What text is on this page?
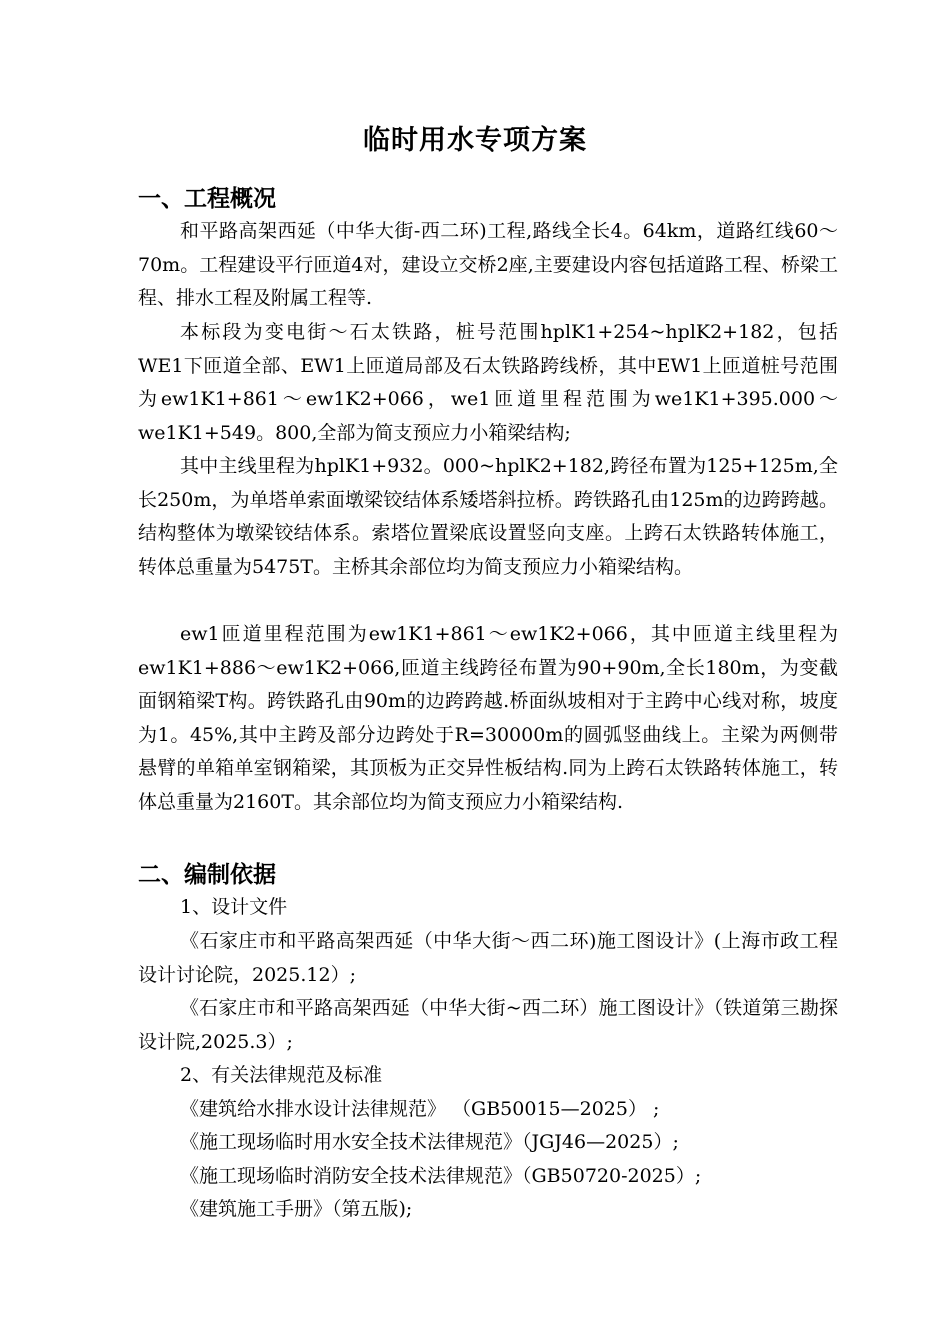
临时用水专项方案
一、工程概况
和平路高架西延（中华大街-西二环)工程,路线全长4。64km，道路红线60～70m。工程建设平行匝道4对，建设立交桥2座,主要建设内容包括道路工程、桥梁工程、排水工程及附属工程等.
本标段为变电街～石太铁路，桩号范围hplK1+254~hplK2+182，包括WE1下匝道全部、EW1上匝道局部及石太铁路跨线桥，其中EW1上匝道桩号范围为ew1K1+861～ew1K2+066，we1匝道里程范围为we1K1+395.000～ we1K1+549。800,全部为简支预应力小箱梁结构;
其中主线里程为hplK1+932。000~hplK2+182,跨径布置为125+125m,全长250m，为单塔单索面墩梁铰结体系矮塔斜拉桥。跨铁路孔由125m的边跨跨越。结构整体为墩梁铰结体系。索塔位置梁底设置竖向支座。上跨石太铁路转体施工，转体总重量为5475T。主桥其余部位均为简支预应力小箱梁结构。
ew1匝道里程范围为ew1K1+861～ew1K2+066，其中匝道主线里程为ew1K1+886～ew1K2+066,匝道主线跨径布置为90+90m,全长180m，为变截面钢箱梁T构。跨铁路孔由90m的边跨跨越.桥面纵坡相对于主跨中心线对称，坡度为1。45%,其中主跨及部分边跨处于R=30000m的圆弧竖曲线上。主梁为两侧带悬臂的单箱单室钢箱梁，其顶板为正交异性板结构.同为上跨石太铁路转体施工，转体总重量为2160T。其余部位均为简支预应力小箱梁结构.
二、编制依据
1、设计文件
《石家庄市和平路高架西延（中华大街～西二环)施工图设计》(上海市政工程设计讨论院，2025.12）;
《石家庄市和平路高架西延（中华大街~西二环）施工图设计》（铁道第三勘探设计院,2025.3）;
2、有关法律规范及标准
《建筑给水排水设计法律规范》 （GB50015—2025） ;
《施工现场临时用水安全技术法律规范》（JGJ46—2025）;
《施工现场临时消防安全技术法律规范》（GB50720-2025）;
《建筑施工手册》（第五版);
